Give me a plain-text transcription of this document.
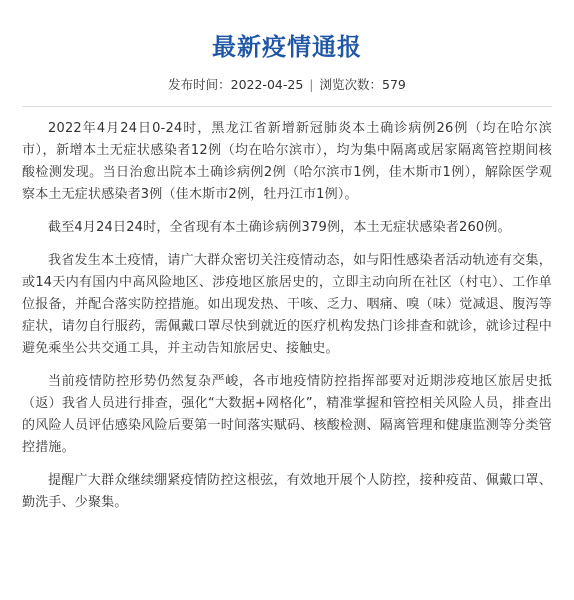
最新疫情通报
发布时间：2022-04-25 | 浏览次数：579

2022年4月24日0-24时，黑龙江省新增新冠肺炎本土确诊病例26例（均在哈尔滨市），新增本土无症状感染者12例（均在哈尔滨市），均为集中隔离或居家隔离管控期间核酸检测发现。当日治愈出院本土确诊病例2例（哈尔滨市1例，佳木斯市1例），解除医学观察本土无症状感染者3例（佳木斯市2例，牡丹江市1例）。

截至4月24日24时，全省现有本土确诊病例379例，本土无症状感染者260例。

我省发生本土疫情，请广大群众密切关注疫情动态，如与阳性感染者活动轨迹有交集，或14天内有国内中高风险地区、涉疫地区旅居史的，立即主动向所在社区（村屯）、工作单位报备，并配合落实防控措施。如出现发热、干咳、乏力、咽痛、嗅（味）觉减退、腹泻等症状，请勿自行服药，需佩戴口罩尽快到就近的医疗机构发热门诊排查和就诊，就诊过程中避免乘坐公共交通工具，并主动告知旅居史、接触史。

当前疫情防控形势仍然复杂严峻，各市地疫情防控指挥部要对近期涉疫地区旅居史抵（返）我省人员进行排查，强化“大数据+网格化”，精准掌握和管控相关风险人员，排查出的风险人员评估感染风险后要第一时间落实赋码、核酸检测、隔离管理和健康监测等分类管控措施。

提醒广大群众继续绷紧疫情防控这根弦，有效地开展个人防控，接种疫苗、佩戴口罩、勤洗手、少聚集。
